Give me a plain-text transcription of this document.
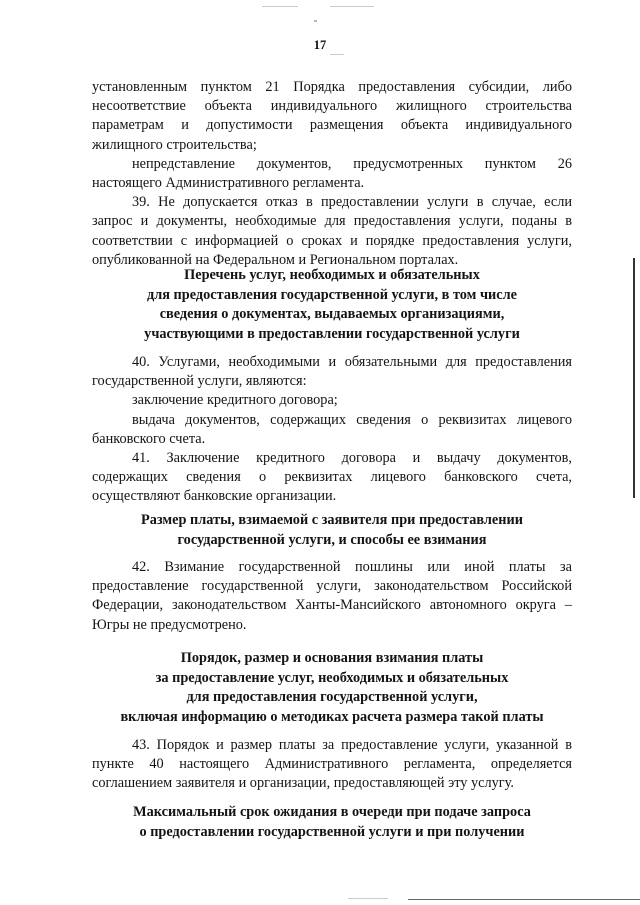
17

установленным пунктом 21 Порядка предоставления субсидии, либо несоответствие объекта индивидуального жилищного строительства параметрам и допустимости размещения объекта индивидуального жилищного строительства;

непредставление документов, предусмотренных пунктом 26 настоящего Административного регламента.

39. Не допускается отказ в предоставлении услуги в случае, если запрос и документы, необходимые для предоставления услуги, поданы в соответствии с информацией о сроках и порядке предоставления услуги, опубликованной на Федеральном и Региональном порталах.

Перечень услуг, необходимых и обязательных
для предоставления государственной услуги, в том числе
сведения о документах, выдаваемых организациями,
участвующими в предоставлении государственной услуги

40. Услугами, необходимыми и обязательными для предоставления государственной услуги, являются:

заключение кредитного договора;

выдача документов, содержащих сведения о реквизитах лицевого банковского счета.

41. Заключение кредитного договора и выдачу документов, содержащих сведения о реквизитах лицевого банковского счета, осуществляют банковские организации.

Размер платы, взимаемой с заявителя при предоставлении
государственной услуги, и способы ее взимания

42. Взимание государственной пошлины или иной платы за предоставление государственной услуги, законодательством Российской Федерации, законодательством Ханты-Мансийского автономного округа – Югры не предусмотрено.

Порядок, размер и основания взимания платы
за предоставление услуг, необходимых и обязательных
для предоставления государственной услуги,
включая информацию о методиках расчета размера такой платы

43. Порядок и размер платы за предоставление услуги, указанной в пункте 40 настоящего Административного регламента, определяется соглашением заявителя и организации, предоставляющей эту услугу.

Максимальный срок ожидания в очереди при подаче запроса
о предоставлении государственной услуги и при получении
